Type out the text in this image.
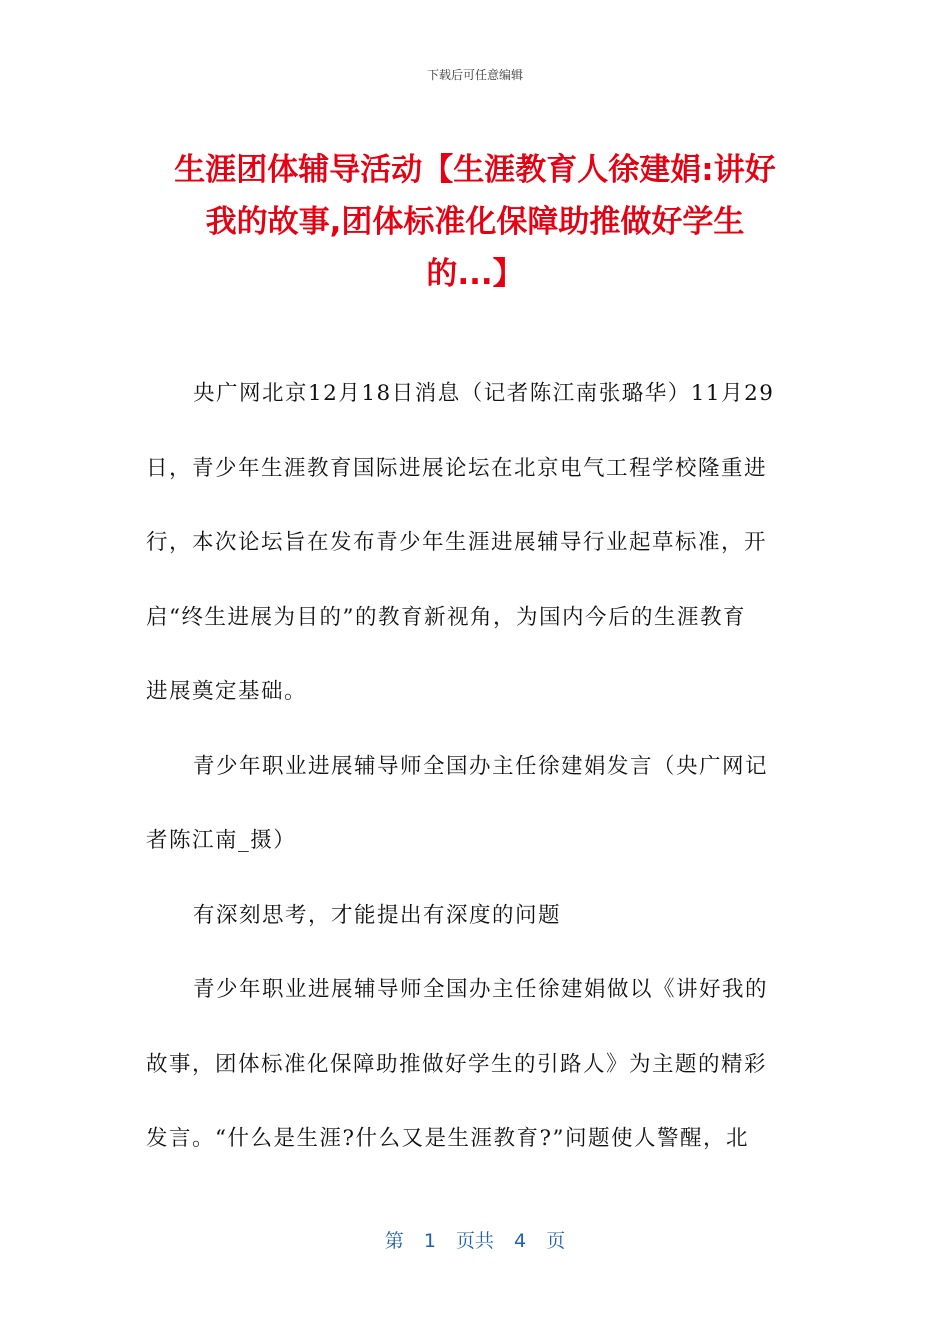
下载后可任意编辑
生涯团体辅导活动【生涯教育人徐建娟:讲好
我的故事,团体标准化保障助推做好学生
的...】
央广网北京12月18日消息（记者陈江南张璐华）11月29
日，青少年生涯教育国际进展论坛在北京电气工程学校隆重进
行，本次论坛旨在发布青少年生涯进展辅导行业起草标准，开
启“终生进展为目的”的教育新视角，为国内今后的生涯教育
进展奠定基础。
青少年职业进展辅导师全国办主任徐建娟发言（央广网记
者陈江南_摄）
有深刻思考，才能提出有深度的问题
青少年职业进展辅导师全国办主任徐建娟做以《讲好我的
故事，团体标准化保障助推做好学生的引路人》为主题的精彩
发言。“什么是生涯?什么又是生涯教育?”问题使人警醒，北
第 1 页共 4 页
